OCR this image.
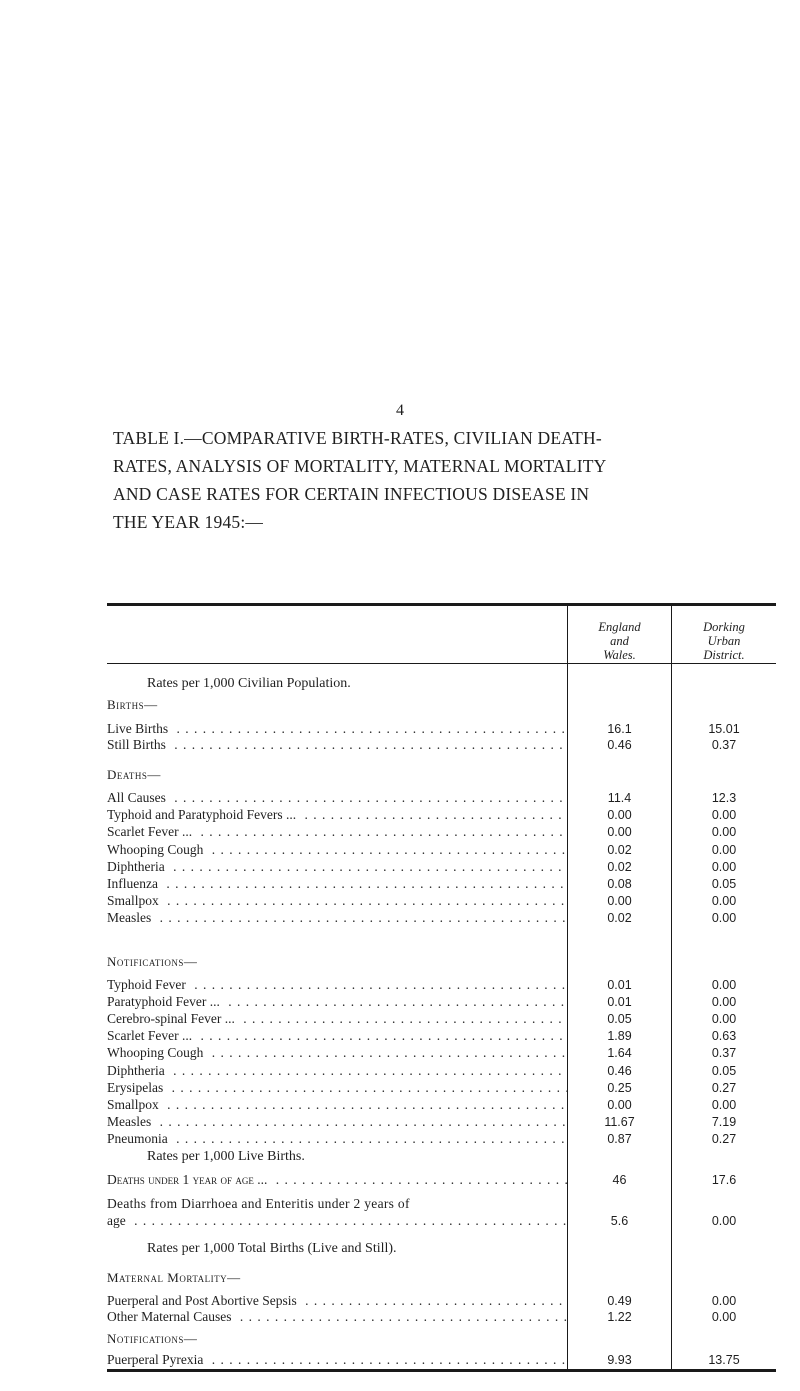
4
TABLE I.—COMPARATIVE BIRTH-RATES, CIVILIAN DEATH-
RATES, ANALYSIS OF MORTALITY, MATERNAL MORTALITY
AND CASE RATES FOR CERTAIN INFECTIOUS DISEASE IN
THE YEAR 1945:—
England
and
Wales.
Dorking
Urban
District.
Rates per 1,000 Civilian Population.
Births—
Live Births . . .	16.1	15.01
Still Births . . .	0.46	0.37
Deaths—
All Causes . . .	11.4	12.3
Typhoid and Paratyphoid Fevers ... . . .	0.00	0.00
Scarlet Fever ... . . .	0.00	0.00
Whooping Cough . . .	0.02	0.00
Diphtheria . . .	0.02	0.00
Influenza . . .	0.08	0.05
Smallpox . . .	0.00	0.00
Measles . . .	0.02	0.00
Notifications—
Typhoid Fever . . .	0.01	0.00
Paratyphoid Fever ... . . .	0.01	0.00
Cerebro-spinal Fever ... . . .	0.05	0.00
Scarlet Fever ... . . .	1.89	0.63
Whooping Cough . . .	1.64	0.37
Diphtheria . . .	0.46	0.05
Erysipelas . . .	0.25	0.27
Smallpox . . .	0.00	0.00
Measles . . .	11.67	7.19
Pneumonia . . .	0.87	0.27
Rates per 1,000 Live Births.
Deaths under 1 year of age ... . . .	46	17.6
Deaths from Diarrhoea and Enteritis under 2 years of
age . . .	5.6	0.00
Rates per 1,000 Total Births (Live and Still).
Maternal Mortality—
Puerperal and Post Abortive Sepsis . . .	0.49	0.00
Other Maternal Causes . . .	1.22	0.00
Notifications—
Puerperal Pyrexia . . .	9.93	13.75
